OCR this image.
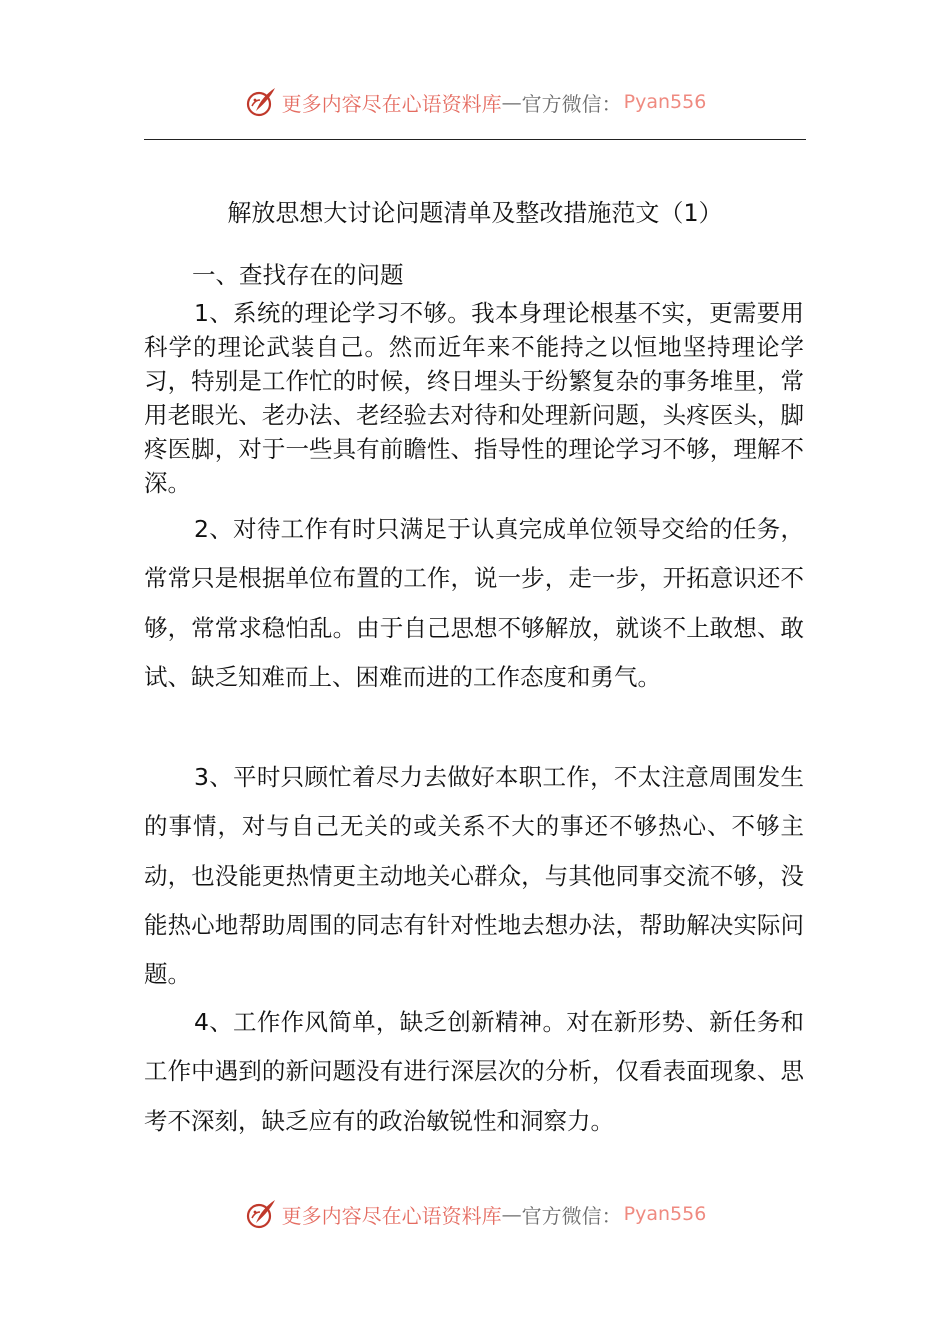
更多内容尽在心语资料库 — 官方微信： Pyan556
解放思想大讨论问题清单及整改措施范文（1）
一、查找存在的问题

1、系统的理论学习不够。我本身理论根基不实，更需要用科学的理论武装自己。然而近年来不能持之以恒地坚持理论学习，特别是工作忙的时候，终日埋头于纷繁复杂的事务堆里，常用老眼光、老办法、老经验去对待和处理新问题，头疼医头，脚疼医脚，对于一些具有前瞻性、指导性的理论学习不够，理解不深。

2、对待工作有时只满足于认真完成单位领导交给的任务，常常只是根据单位布置的工作，说一步，走一步，开拓意识还不够，常常求稳怕乱。由于自己思想不够解放，就谈不上敢想、敢试、缺乏知难而上、困难而进的工作态度和勇气。

3、平时只顾忙着尽力去做好本职工作，不太注意周围发生的事情，对与自己无关的或关系不大的事还不够热心、不够主动，也没能更热情更主动地关心群众，与其他同事交流不够，没能热心地帮助周围的同志有针对性地去想办法，帮助解决实际问题。

4、工作作风简单，缺乏创新精神。对在新形势、新任务和工作中遇到的新问题没有进行深层次的分析，仅看表面现象、思考不深刻，缺乏应有的政治敏锐性和洞察力。

更多内容尽在心语资料库 — 官方微信： Pyan556
